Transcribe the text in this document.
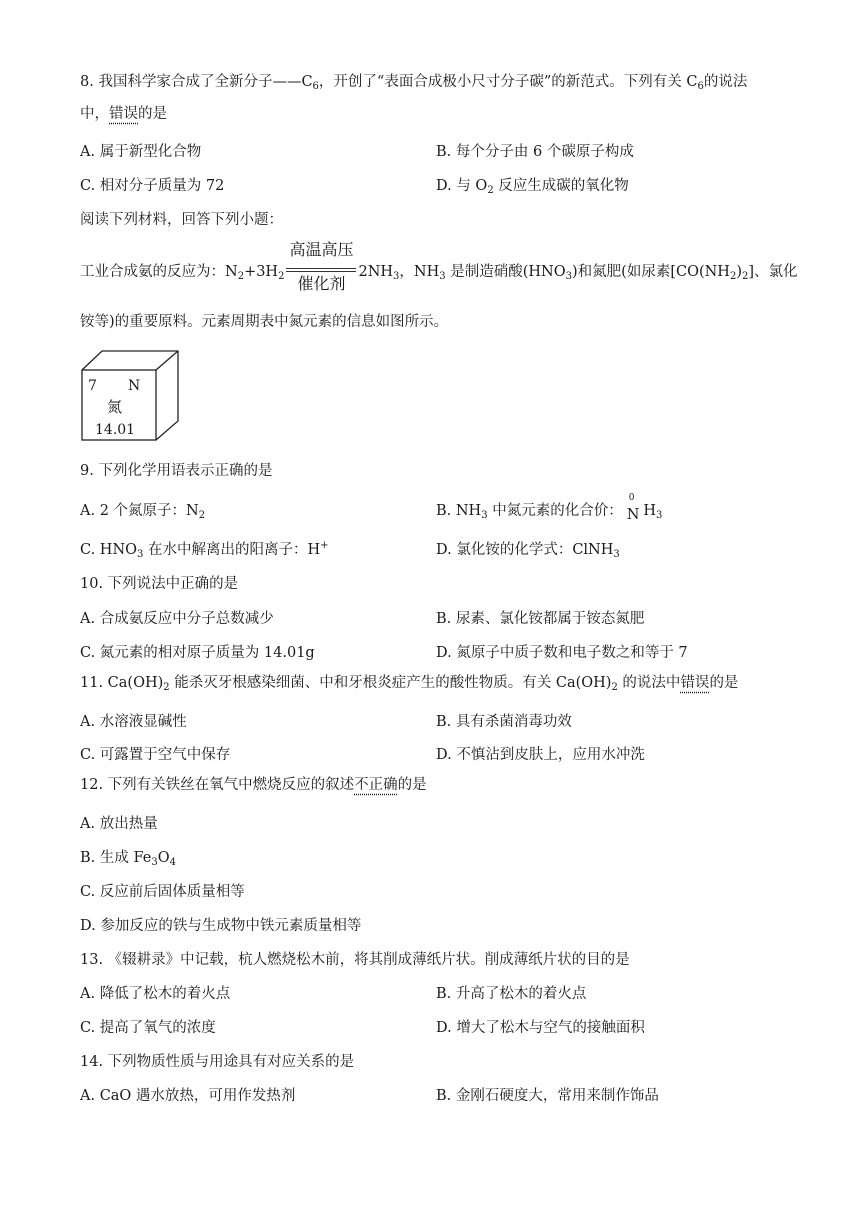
8. 我国科学家合成了全新分子$——C_6$，开创了“表面合成极小尺寸分子碳”的新范式。下列有关 $C_6$的说法
中，错误的是
A. 属于新型化合物	B. 每个分子由 6 个碳原子构成
C. 相对分子质量为 72	D. 与 $O_2$ 反应生成碳的氧化物
阅读下列材料，回答下列小题：
工业合成氨的反应为：$N_2+3H_2$
高温高压
催化剂
$2NH_3$，$NH_3$ 是制造硝酸$(HNO_3)$和氮肥(如尿素$[CO(NH_2)_2]$、氯化
铵等)的重要原料。元素周期表中氮元素的信息如图所示。
7 N
氮
14.01
9. 下列化学用语表示正确的是
A. 2 个氮原子：$N_2$	B. $NH_3$ 中氮元素的化合价：
0
N $H_3$
C. $HNO_3$ 在水中解离出的阳离子：H+	D. 氯化铵的化学式：ClNH$_3$
10. 下列说法中正确的是
A. 合成氨反应中分子总数减少	B. 尿素、氯化铵都属于铵态氮肥
C. 氮元素的相对原子质量为 14.01g	D. 氮原子中质子数和电子数之和等于 7
11. $Ca(OH)_2$ 能杀灭牙根感染细菌、中和牙根炎症产生的酸性物质。有关 $Ca(OH)_2$ 的说法中错误的是
A. 水溶液显碱性	B. 具有杀菌消毒功效
C. 可露置于空气中保存	D. 不慎沾到皮肤上，应用水冲洗
12. 下列有关铁丝在氧气中燃烧反应的叙述不正确的是
A. 放出热量
B. 生成 $Fe_3O_4$
C. 反应前后固体质量相等
D. 参加反应的铁与生成物中铁元素质量相等
13. 《辍耕录》中记载，杭人燃烧松木前，将其削成薄纸片状。削成薄纸片状的目的是
A. 降低了松木的着火点	B. 升高了松木的着火点
C. 提高了氧气的浓度	D. 增大了松木与空气的接触面积
14. 下列物质性质与用途具有对应关系的是
A. CaO 遇水放热，可用作发热剂	B. 金刚石硬度大，常用来制作饰品
